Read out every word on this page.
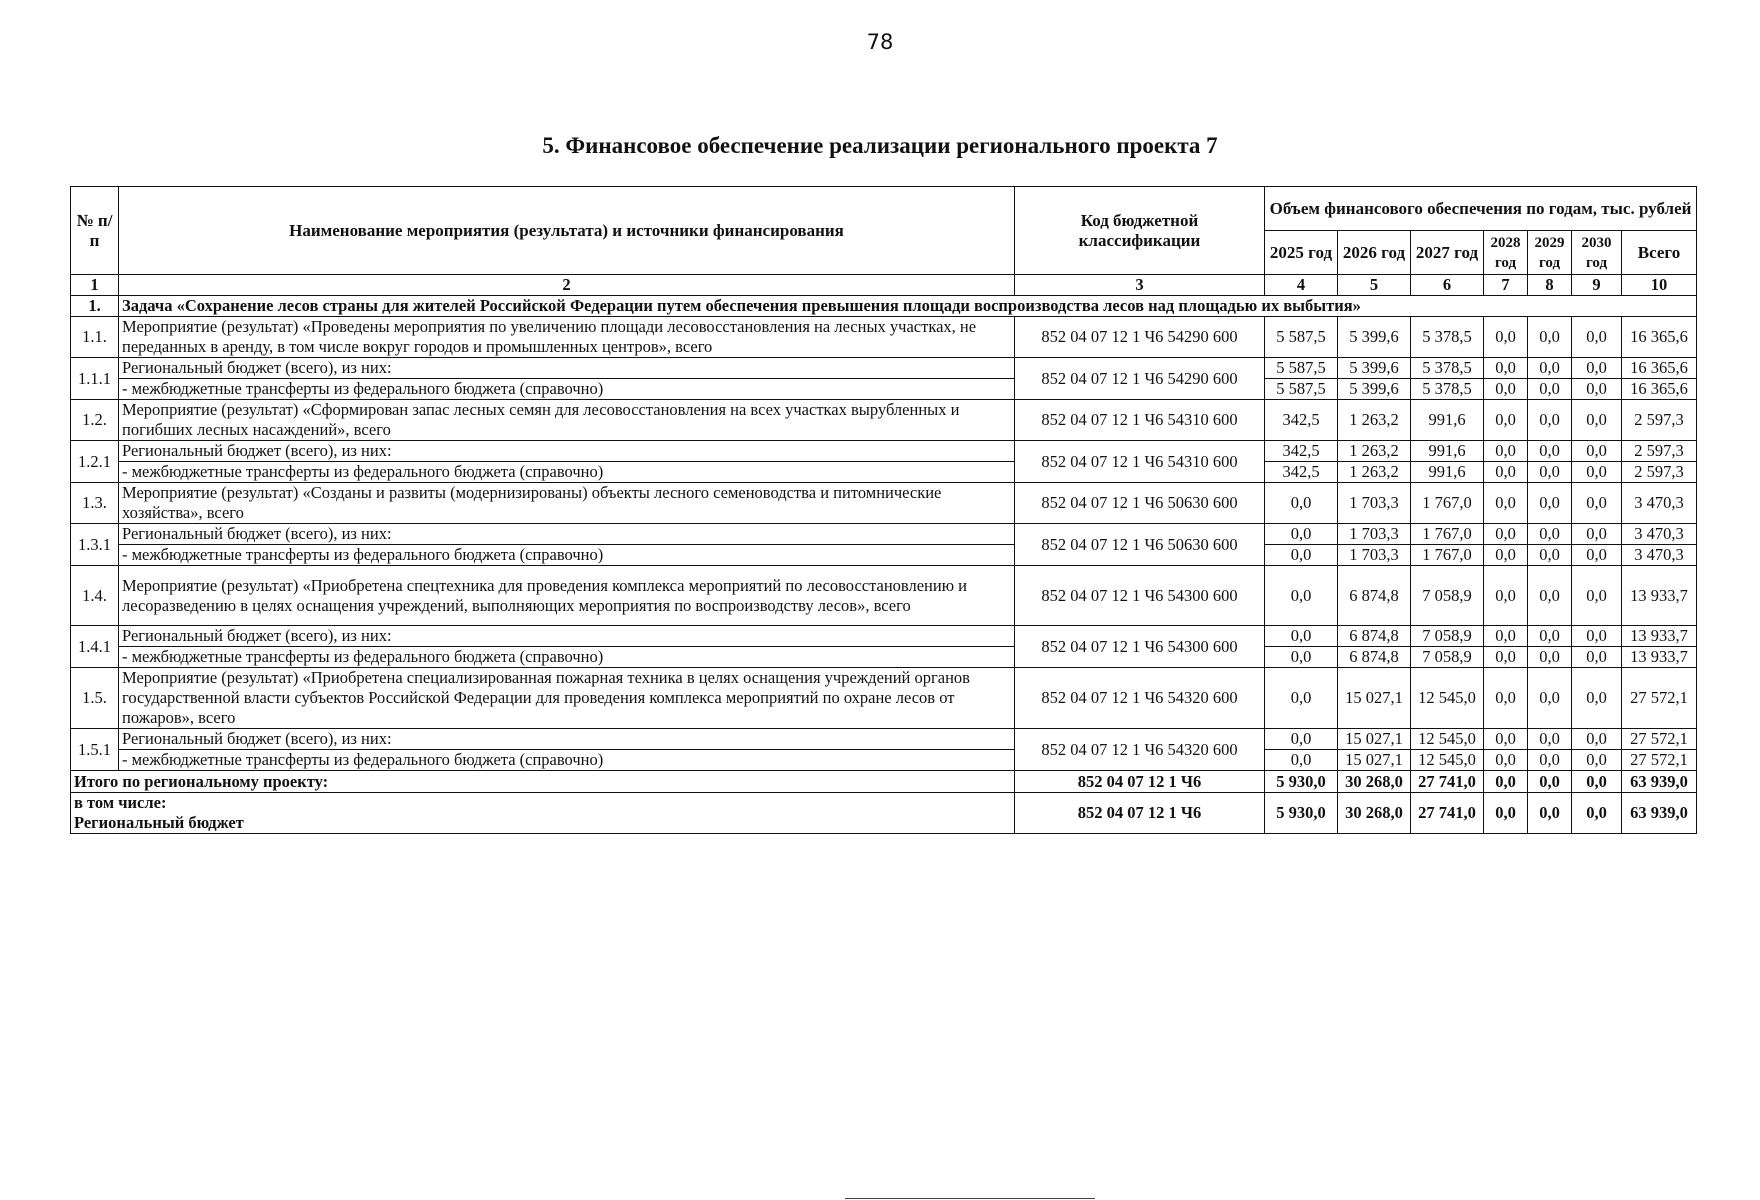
78
5. Финансовое обеспечение реализации регионального проекта 7
№ п/п	Наименование мероприятия (результата) и источники финансирования	Код бюджетной классификации	Объем финансового обеспечения по годам, тыс. рублей						
			2025 год	2026 год	2027 год	2028 год	2029 год	2030 год	Всего
1	2	3	4	5	6	7	8	9	10
1.	Задача «Сохранение лесов страны для жителей Российской Федерации путем обеспечения превышения площади воспроизводства лесов над площадью их выбытия»								
1.1.	Мероприятие (результат) «Проведены мероприятия по увеличению площади лесовосстановления на лесных участках, не переданных в аренду, в том числе вокруг городов и промышленных центров», всего	852 04 07 12 1 Ч6 54290 600	5 587,5	5 399,6	5 378,5	0,0	0,0	0,0	16 365,6
1.1.1	Региональный бюджет (всего), из них:	852 04 07 12 1 Ч6 54290 600	5 587,5	5 399,6	5 378,5	0,0	0,0	0,0	16 365,6
	- межбюджетные трансферты из федерального бюджета (справочно)		5 587,5	5 399,6	5 378,5	0,0	0,0	0,0	16 365,6
1.2.	Мероприятие (результат) «Сформирован запас лесных семян для лесовосстановления на всех участках вырубленных и погибших лесных насаждений», всего	852 04 07 12 1 Ч6 54310 600	342,5	1 263,2	991,6	0,0	0,0	0,0	2 597,3
1.2.1	Региональный бюджет (всего), из них:	852 04 07 12 1 Ч6 54310 600	342,5	1 263,2	991,6	0,0	0,0	0,0	2 597,3
	- межбюджетные трансферты из федерального бюджета (справочно)		342,5	1 263,2	991,6	0,0	0,0	0,0	2 597,3
1.3.	Мероприятие (результат) «Созданы и развиты (модернизированы) объекты лесного семеноводства и питомнические хозяйства», всего	852 04 07 12 1 Ч6 50630 600	0,0	1 703,3	1 767,0	0,0	0,0	0,0	3 470,3
1.3.1	Региональный бюджет (всего), из них:	852 04 07 12 1 Ч6 50630 600	0,0	1 703,3	1 767,0	0,0	0,0	0,0	3 470,3
	- межбюджетные трансферты из федерального бюджета (справочно)		0,0	1 703,3	1 767,0	0,0	0,0	0,0	3 470,3
1.4.	Мероприятие (результат) «Приобретена спецтехника для проведения комплекса мероприятий по лесовосстановлению и лесоразведению в целях оснащения учреждений, выполняющих мероприятия по воспроизводству лесов», всего	852 04 07 12 1 Ч6 54300 600	0,0	6 874,8	7 058,9	0,0	0,0	0,0	13 933,7
1.4.1	Региональный бюджет (всего), из них:	852 04 07 12 1 Ч6 54300 600	0,0	6 874,8	7 058,9	0,0	0,0	0,0	13 933,7
	- межбюджетные трансферты из федерального бюджета (справочно)		0,0	6 874,8	7 058,9	0,0	0,0	0,0	13 933,7
1.5.	Мероприятие (результат) «Приобретена специализированная пожарная техника в целях оснащения учреждений органов государственной власти субъектов Российской Федерации для проведения комплекса мероприятий по охране лесов от пожаров», всего	852 04 07 12 1 Ч6 54320 600	0,0	15 027,1	12 545,0	0,0	0,0	0,0	27 572,1
1.5.1	Региональный бюджет (всего), из них:	852 04 07 12 1 Ч6 54320 600	0,0	15 027,1	12 545,0	0,0	0,0	0,0	27 572,1
	- межбюджетные трансферты из федерального бюджета (справочно)		0,0	15 027,1	12 545,0	0,0	0,0	0,0	27 572,1
Итого по региональному проекту:		852 04 07 12 1 Ч6	5 930,0	30 268,0	27 741,0	0,0	0,0	0,0	63 939,0

в том числе:
Региональный бюджет		852 04 07 12 1 Ч6	5 930,0	30 268,0	27 741,0	0,0	0,0	0,0	63 939,0
